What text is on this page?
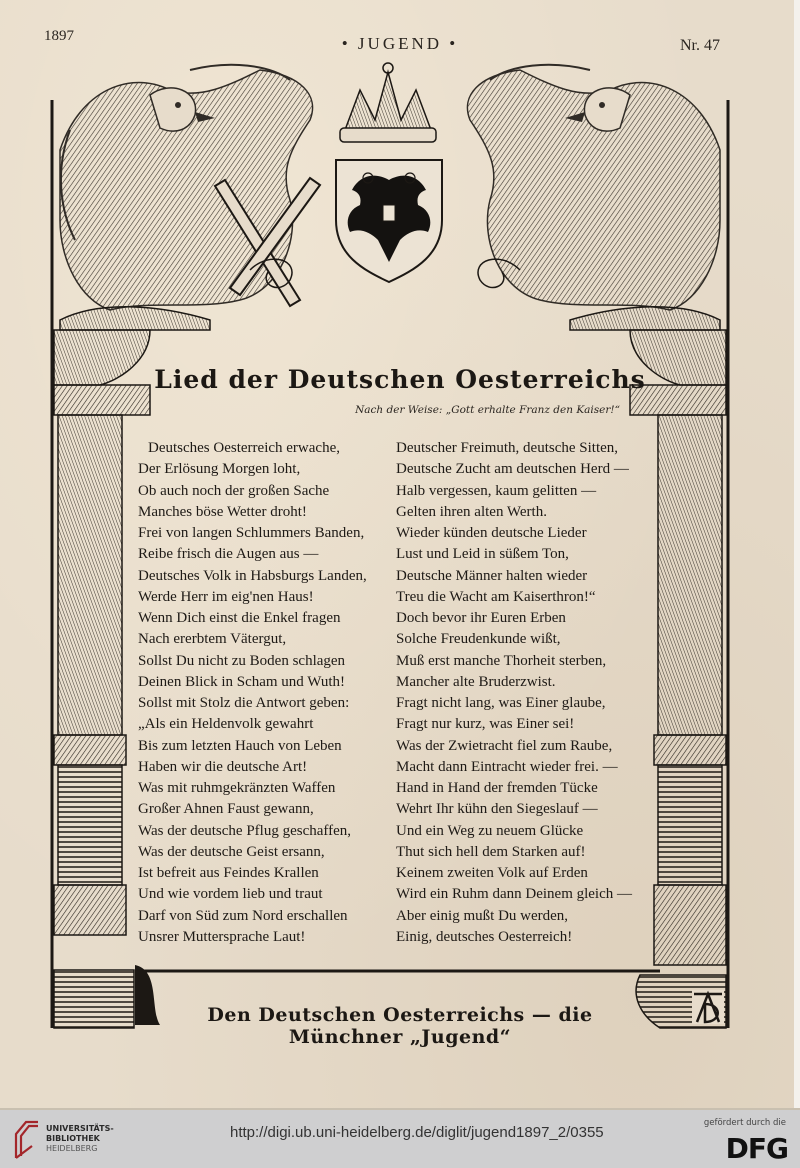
1897	• JUGEND •	Nr. 47
Lied der Deutschen Oesterreichs
Nach der Weise: „Gott erhalte Franz den Kaiser!“
Deutsches Oesterreich erwache,
Der Erlösung Morgen loht,
Ob auch noch der großen Sache
Manches böse Wetter droht!
Frei von langen Schlummers Banden,
Reibe frisch die Augen aus —
Deutsches Volk in Habsburgs Landen,
Werde Herr im eig'nen Haus!
Deutscher Freimuth, deutsche Sitten,
Deutsche Zucht am deutschen Herd —
Halb vergessen, kaum gelitten —
Gelten ihren alten Werth.
Wieder künden deutsche Lieder
Lust und Leid in süßem Ton,
Deutsche Männer halten wieder
Treu die Wacht am Kaiserthron!“
Wenn Dich einst die Enkel fragen
Nach ererbtem Vätergut,
Sollst Du nicht zu Boden schlagen
Deinen Blick in Scham und Wuth!
Sollst mit Stolz die Antwort geben:
„Als ein Heldenvolk gewahrt
Bis zum letzten Hauch von Leben
Haben wir die deutsche Art!
Doch bevor ihr Euren Erben
Solche Freudenkunde wißt,
Muß erst manche Thorheit sterben,
Mancher alte Bruderzwist.
Fragt nicht lang, was Einer glaube,
Fragt nur kurz, was Einer sei!
Was der Zwietracht fiel zum Raube,
Macht dann Eintracht wieder frei. —
Was mit ruhmgekränzten Waffen
Großer Ahnen Faust gewann,
Was der deutsche Pflug geschaffen,
Was der deutsche Geist ersann,
Ist befreit aus Feindes Krallen
Und wie vordem lieb und traut
Darf von Süd zum Nord erschallen
Unsrer Muttersprache Laut!
Hand in Hand der fremden Tücke
Wehrt Ihr kühn den Siegeslauf —
Und ein Weg zu neuem Glücke
Thut sich hell dem Starken auf!
Keinem zweiten Volk auf Erden
Wird ein Ruhm dann Deinem gleich —
Aber einig mußt Du werden,
Einig, deutsches Oesterreich!
Den Deutschen Oesterreichs — die Münchner „Jugend“
UNIVERSITÄTS-
BIBLIOTHEK
HEIDELBERG
http://digi.ub.uni-heidelberg.de/diglit/jugend1897_2/0355
gefördert durch die
DFG
